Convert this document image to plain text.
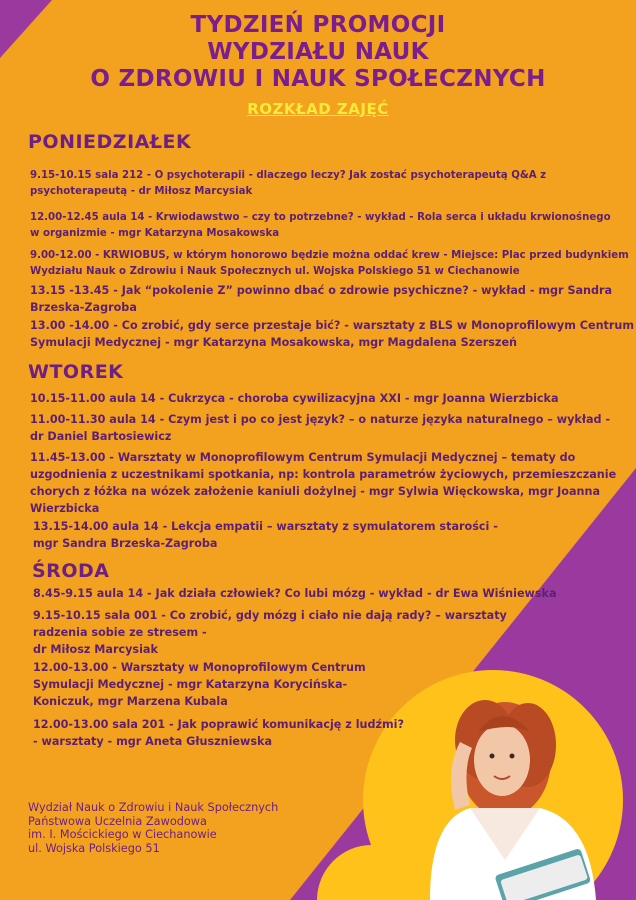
TYDZIEŃ PROMOCJI
WYDZIAŁU NAUK
O ZDROWIU I NAUK SPOŁECZNYCH
ROZKŁAD ZAJĘĆ
PONIEDZIAŁEK
9.15-10.15 sala 212 - O psychoterapii - dlaczego leczy? Jak zostać psychoterapeutą Q&A z
psychoterapeutą - dr Miłosz Marcysiak
12.00-12.45 aula 14 - Krwiodawstwo – czy to potrzebne? - wykład - Rola serca i układu krwionośnego
w organizmie - mgr Katarzyna Mosakowska
9.00-12.00 - KRWIOBUS, w którym honorowo będzie można oddać krew - Miejsce: Plac przed budynkiem
Wydziału Nauk o Zdrowiu i Nauk Społecznych ul. Wojska Polskiego 51 w Ciechanowie
13.15 -13.45 - Jak “pokolenie Z” powinno dbać o zdrowie psychiczne? - wykład - mgr Sandra
Brzeska-Zagroba
13.00 -14.00 - Co zrobić, gdy serce przestaje bić? - warsztaty z BLS w Monoprofilowym Centrum
Symulacji Medycznej - mgr Katarzyna Mosakowska, mgr Magdalena Szerszeń
WTOREK
10.15-11.00 aula 14 - Cukrzyca - choroba cywilizacyjna XXI - mgr Joanna Wierzbicka
11.00-11.30 aula 14 - Czym jest i po co jest język? – o naturze języka naturalnego – wykład -
dr Daniel Bartosiewicz
11.45-13.00 - Warsztaty w Monoprofilowym Centrum Symulacji Medycznej – tematy do
uzgodnienia z uczestnikami spotkania, np: kontrola parametrów życiowych, przemieszczanie
chorych z łóżka na wózek założenie kaniuli dożylnej - mgr Sylwia Więckowska, mgr Joanna
Wierzbicka
13.15-14.00 aula 14 - Lekcja empatii – warsztaty z symulatorem starości -
mgr Sandra Brzeska-Zagroba
ŚRODA
8.45-9.15 aula 14 - Jak działa człowiek? Co lubi mózg - wykład - dr Ewa Wiśniewska
9.15-10.15 sala 001 - Co zrobić, gdy mózg i ciało nie dają rady? – warsztaty
radzenia sobie ze stresem -
dr Miłosz Marcysiak
12.00-13.00 - Warsztaty w Monoprofilowym Centrum
Symulacji Medycznej - mgr Katarzyna Korycińska-
Koniczuk, mgr Marzena Kubala
12.00-13.00 sala 201 - Jak poprawić komunikację z ludźmi?
- warsztaty - mgr Aneta Głuszniewska
Wydział Nauk o Zdrowiu i Nauk Społecznych
Państwowa Uczelnia Zawodowa
im. I. Mościckiego w Ciechanowie
ul. Wojska Polskiego 51
